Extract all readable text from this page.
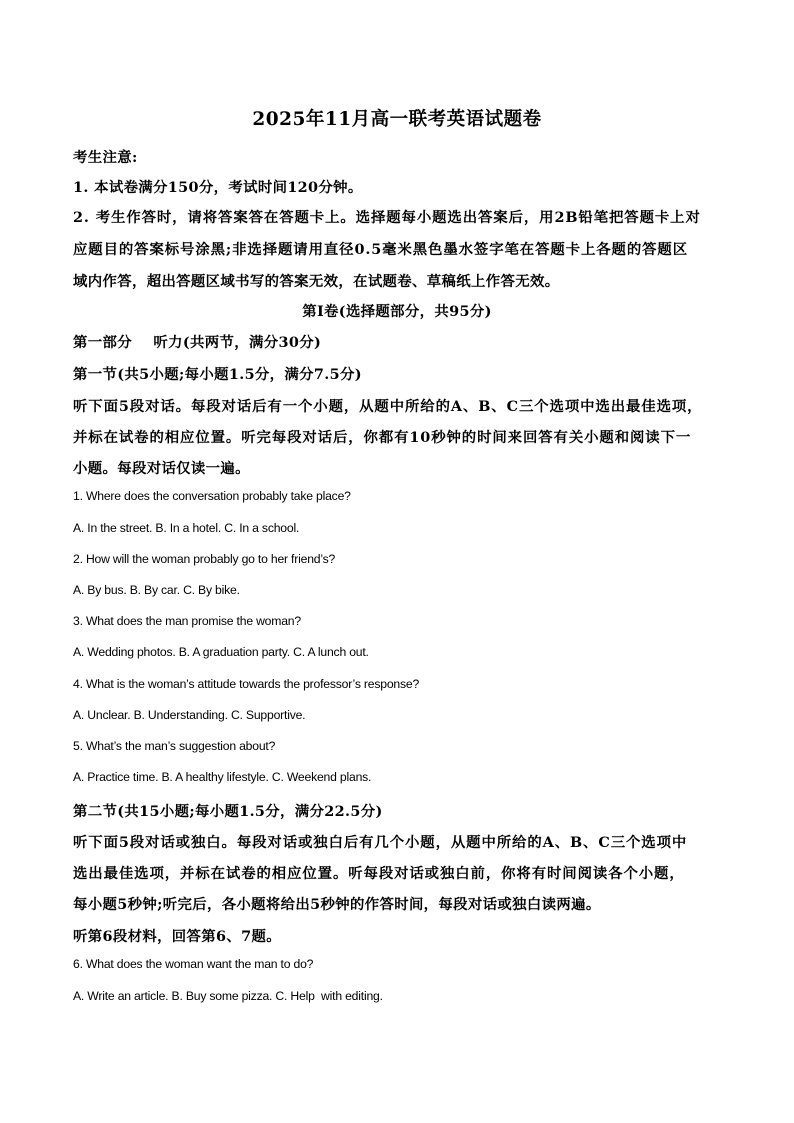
2025年11月高一联考英语试题卷
考生注意:
1. 本试卷满分150分，考试时间120分钟。
2. 考生作答时，请将答案答在答题卡上。选择题每小题选出答案后，用2B铅笔把答题卡上对
应题目的答案标号涂黑;非选择题请用直径0.5毫米黑色墨水签字笔在答题卡上各题的答题区
域内作答，超出答题区域书写的答案无效，在试题卷、草稿纸上作答无效。
第Ⅰ卷(选择题部分，共95分)
第一部分    听力(共两节，满分30分)
第一节(共5小题;每小题1.5分，满分7.5分)
听下面5段对话。每段对话后有一个小题，从题中所给的A、B、C三个选项中选出最佳选项，
并标在试卷的相应位置。听完每段对话后，你都有10秒钟的时间来回答有关小题和阅读下一
小题。每段对话仅读一遍。
1. Where does the conversation probably take place?
A. In the street. B. In a hotel. C. In a school.
2. How will the woman probably go to her friend’s?
A. By bus. B. By car. C. By bike.
3. What does the man promise the woman?
A. Wedding photos. B. A graduation party. C. A lunch out.
4. What is the woman’s attitude towards the professor’s response?
A. Unclear. B. Understanding. C. Supportive.
5. What’s the man’s suggestion about?
A. Practice time. B. A healthy lifestyle. C. Weekend plans.
第二节(共15小题;每小题1.5分，满分22.5分)
听下面5段对话或独白。每段对话或独白后有几个小题，从题中所给的A、B、C三个选项中
选出最佳选项，并标在试卷的相应位置。听每段对话或独白前，你将有时间阅读各个小题，
每小题5秒钟;听完后，各小题将给出5秒钟的作答时间，每段对话或独白读两遍。
听第6段材料，回答第6、7题。
6. What does the woman want the man to do?
A. Write an article. B. Buy some pizza. C. Help  with editing.
